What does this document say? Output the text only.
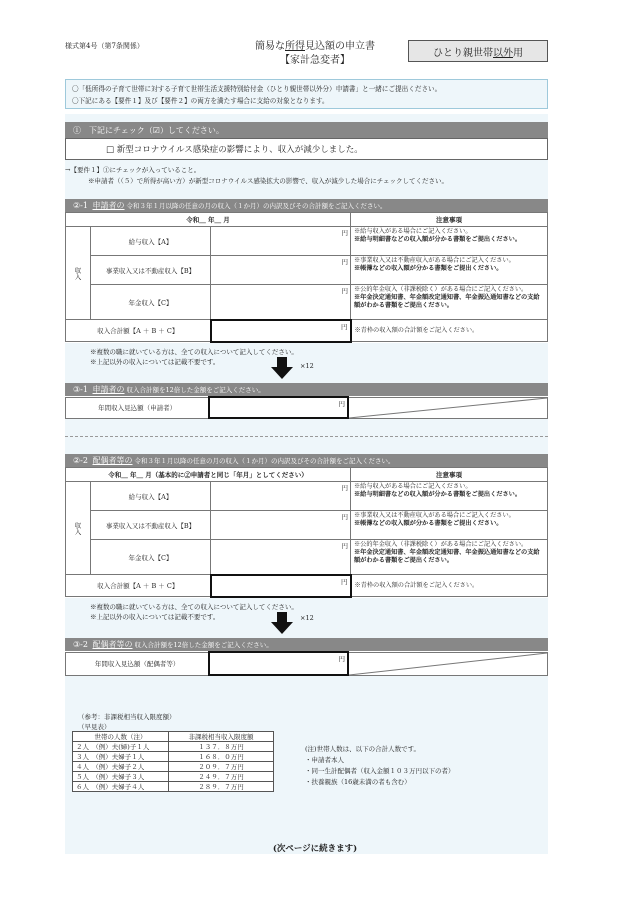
様式第4号（第7条関係）	簡易な所得見込額の申立書
【家計急変者】
ひとり親世帯 以外 用
〇「低所得の子育て世帯に対する子育て世帯生活支援特別給付金（ひとり親世帯以外分）申請書」と一緒にご提出ください。
〇下記にある【要件１】及び【要件２】の両方を満たす場合に支給の対象となります。
①　下記にチェック（ ☑ ）してください。
□ 新型コロナウイルス感染症の影響により、収入が減少しました。
→【要件１】①にチェックが入っていること。
※申請者（（５）で所得が高い方）が新型コロナウイルス感染拡大の影響で、収入が減少した場合にチェックしてください。
②-1
申請者の 令和３年１月以降の任意の月の収入（１か月）の内訳及びその合計額をご記入ください。
令和＿ 年＿ 月			注意事項
収入	給与収入【A】	円	※給与収入がある場合にご記入ください。
※給与明細書などの収入額が分かる書類をご提出ください。

	事業収入又は不動産収入【B】	円	※事業収入又は不動産収入がある場合にご記入ください。
※帳簿などの収入額が分かる書類をご提出ください。

	年金収入【C】	円	※公的年金収入（非課税除く）がある場合にご記入ください。
※年金決定通知書、年金額改定通知書、年金振込通知書などの支給額がわかる書類をご提出ください。

収入合計額【A ＋ B ＋ C】		円	※青枠の収入額の合計額をご記入ください。
※複数の職に就いている方は、全ての収入について記入してください。
※上記以外の収入については記載不要です。	×12
③-1
申請者の 収入合計額を12倍した金額をご記入ください。
年間収入見込額（申請者）	円

②-2
配偶者等の 令和３年１月以降の任意の月の収入（１か月）の内訳及びその合計額をご記入ください。
令和＿ 年＿ 月（基本的に②申請者と同じ「年月」としてください）			注意事項
収入	給与収入【A】	円	※給与収入がある場合にご記入ください。
※給与明細書などの収入額が分かる書類をご提出ください。

	事業収入又は不動産収入【B】	円	※事業収入又は不動産収入がある場合にご記入ください。
※帳簿などの収入額が分かる書類をご提出ください。

	年金収入【C】	円	※公的年金収入（非課税除く）がある場合にご記入ください。
※年金決定通知書、年金額改定通知書、年金振込通知書などの支給額がわかる書類をご提出ください。

収入合計額【A ＋ B ＋ C】		円	※青枠の収入額の合計額をご記入ください。
※複数の職に就いている方は、全ての収入について記入してください。
※上記以外の収入については記載不要です。	×12
③-2
配偶者等の 収入合計額を12倍した金額をご記入ください。
年間収入見込額（配偶者等）	
円

（参考：非課税相当収入限度額）
（早見表）
世帯の人数（注）	非課税相当収入限度額
２人　（例）夫(婦)子１人	１３７．８万円
３人　（例）夫婦子１人	１６８．０万円
４人　（例）夫婦子２人	２０９．７万円
５人　（例）夫婦子３人	２４９．７万円
６人　（例）夫婦子４人	２８９．７万円
(注)世帯人数は、以下の合計人数です。
・申請者本人
・同一生計配偶者（収入金額１０３万円以下の者）
・扶養親族（16歳未満の者も含む）
(次ページに続きます)
